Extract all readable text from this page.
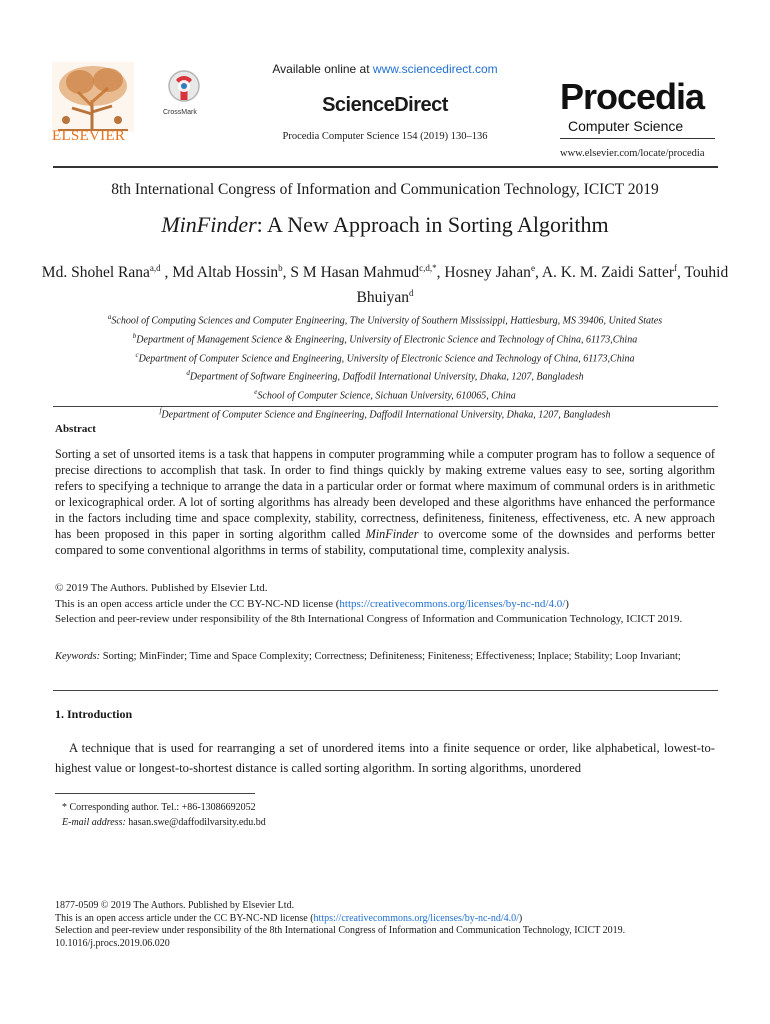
ELSEVIER
CrossMark
Available online at www.sciencedirect.com
ScienceDirect
Procedia Computer Science 154 (2019) 130–136
Procedia
Computer Science
www.elsevier.com/locate/procedia
8th International Congress of Information and Communication Technology, ICICT 2019
MinFinder: A New Approach in Sorting Algorithm
Md. Shohel Rana$^{a,d}$ , Md Altab Hossin$^b$, S M Hasan Mahmud$^{c,d,*}$, Hosney Jahan$^e$, A. K. M. Zaidi Satter$^f$, Touhid Bhuiyan$^d$
$^a$School of Computing Sciences and Computer Engineering, The University of Southern Mississippi, Hattiesburg, MS 39406, United States
$^b$Department of Management Science & Engineering, University of Electronic Science and Technology of China, 61173,China
$^c$Department of Computer Science and Engineering, University of Electronic Science and Technology of China, 61173,China
$^d$Department of Software Engineering, Daffodil International University, Dhaka, 1207, Bangladesh
$^e$School of Computer Science, Sichuan University, 610065, China
$^f$Department of Computer Science and Engineering, Daffodil International University, Dhaka, 1207, Bangladesh
Abstract
Sorting a set of unsorted items is a task that happens in computer programming while a computer program has to follow a sequence of precise directions to accomplish that task. In order to find things quickly by making extreme values easy to see, sorting algorithm refers to specifying a technique to arrange the data in a particular order or format where maximum of communal orders is in arithmetic or lexicographical order. A lot of sorting algorithms has already been developed and these algorithms have enhanced the performance in the factors including time and space complexity, stability, correctness, definiteness, finiteness, effectiveness, etc. A new approach has been proposed in this paper in sorting algorithm called MinFinder to overcome some of the downsides and performs better compared to some conventional algorithms in terms of stability, computational time, complexity analysis.
© 2019 The Authors. Published by Elsevier Ltd.
This is an open access article under the CC BY-NC-ND license (https://creativecommons.org/licenses/by-nc-nd/4.0/)
Selection and peer-review under responsibility of the 8th International Congress of Information and Communication Technology, ICICT 2019.
Keywords: Sorting; MinFinder; Time and Space Complexity; Correctness; Definiteness; Finiteness; Effectiveness; Inplace; Stability; Loop Invariant;
1. Introduction
A technique that is used for rearranging a set of unordered items into a finite sequence or order, like alphabetical, lowest-to-highest value or longest-to-shortest distance is called sorting algorithm. In sorting algorithms, unordered
* Corresponding author. Tel.: +86-13086692052
E-mail address: hasan.swe@daffodilvarsity.edu.bd
1877-0509 © 2019 The Authors. Published by Elsevier Ltd.
This is an open access article under the CC BY-NC-ND license (https://creativecommons.org/licenses/by-nc-nd/4.0/)
Selection and peer-review under responsibility of the 8th International Congress of Information and Communication Technology, ICICT 2019.
10.1016/j.procs.2019.06.020
